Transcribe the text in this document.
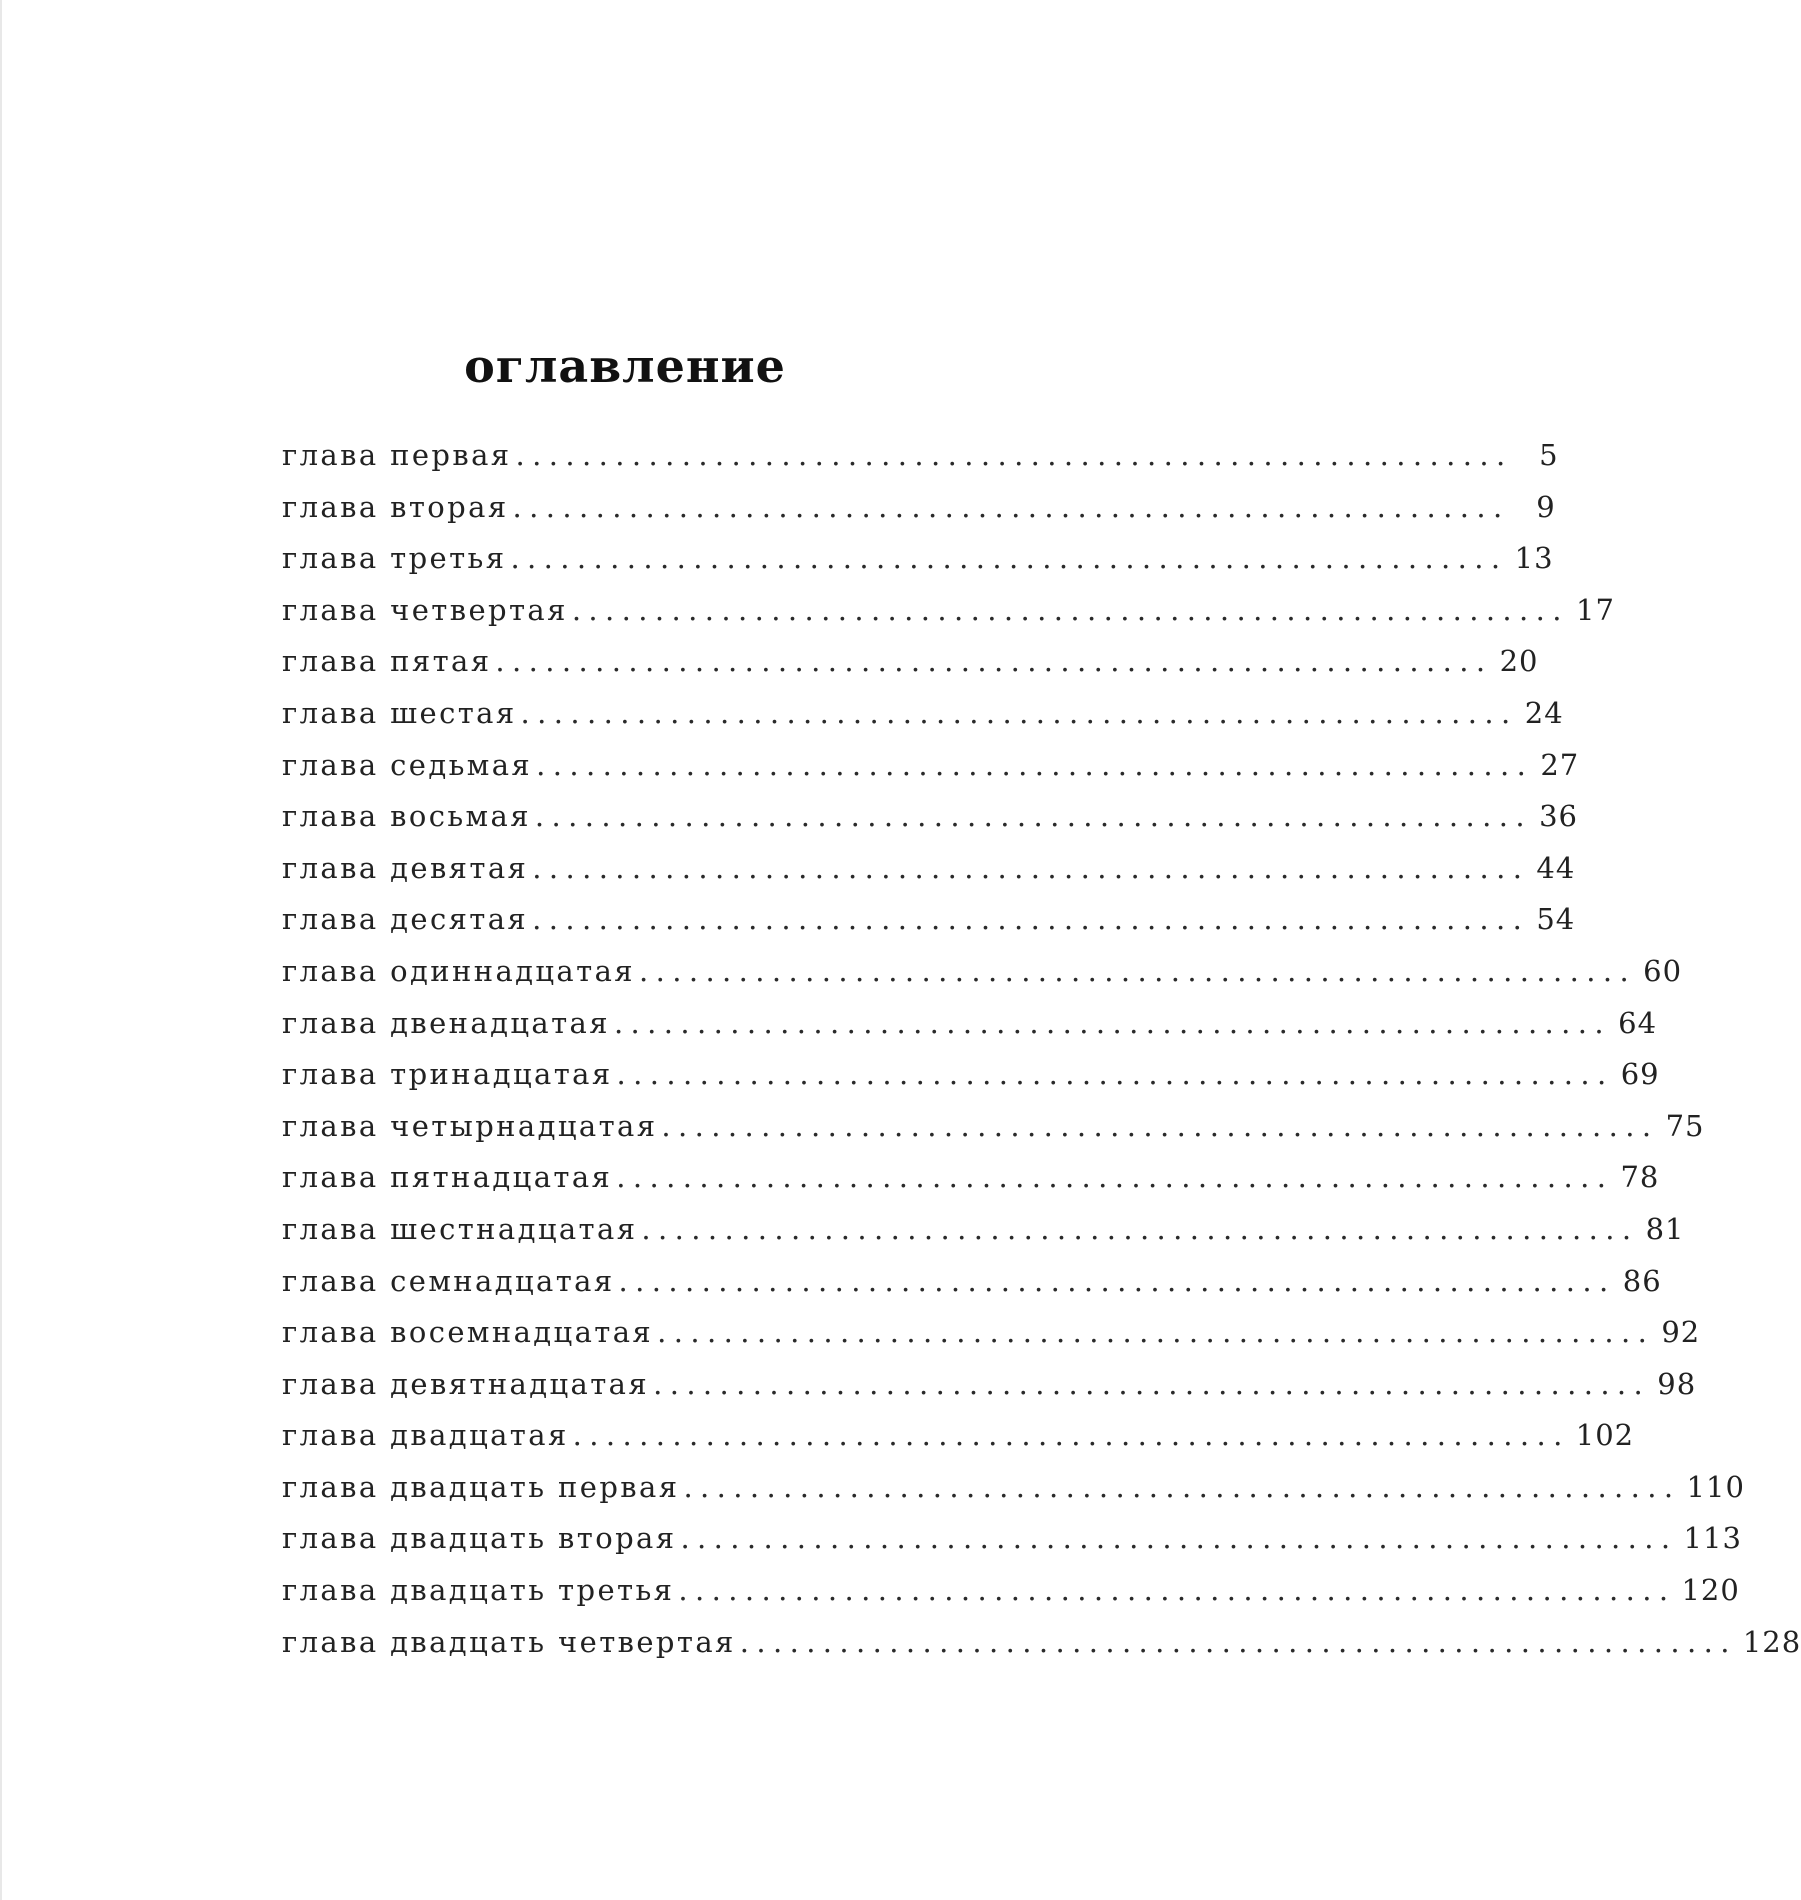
оглавление
глава первая ............................................................ 5
глава вторая ............................................................ 9
глава третья ............................................................ 13
глава четвертая ............................................................ 17
глава пятая ............................................................ 20
глава шестая ............................................................ 24
глава седьмая ............................................................ 27
глава восьмая ............................................................ 36
глава девятая ............................................................ 44
глава десятая ............................................................ 54
глава одиннадцатая ............................................................ 60
глава двенадцатая ............................................................ 64
глава тринадцатая ............................................................ 69
глава четырнадцатая ............................................................ 75
глава пятнадцатая ............................................................ 78
глава шестнадцатая ............................................................ 81
глава семнадцатая ............................................................ 86
глава восемнадцатая ............................................................ 92
глава девятнадцатая ............................................................ 98
глава двадцатая ............................................................ 102
глава двадцать первая ............................................................ 110
глава двадцать вторая ............................................................ 113
глава двадцать третья ............................................................ 120
глава двадцать четвертая ............................................................ 128
